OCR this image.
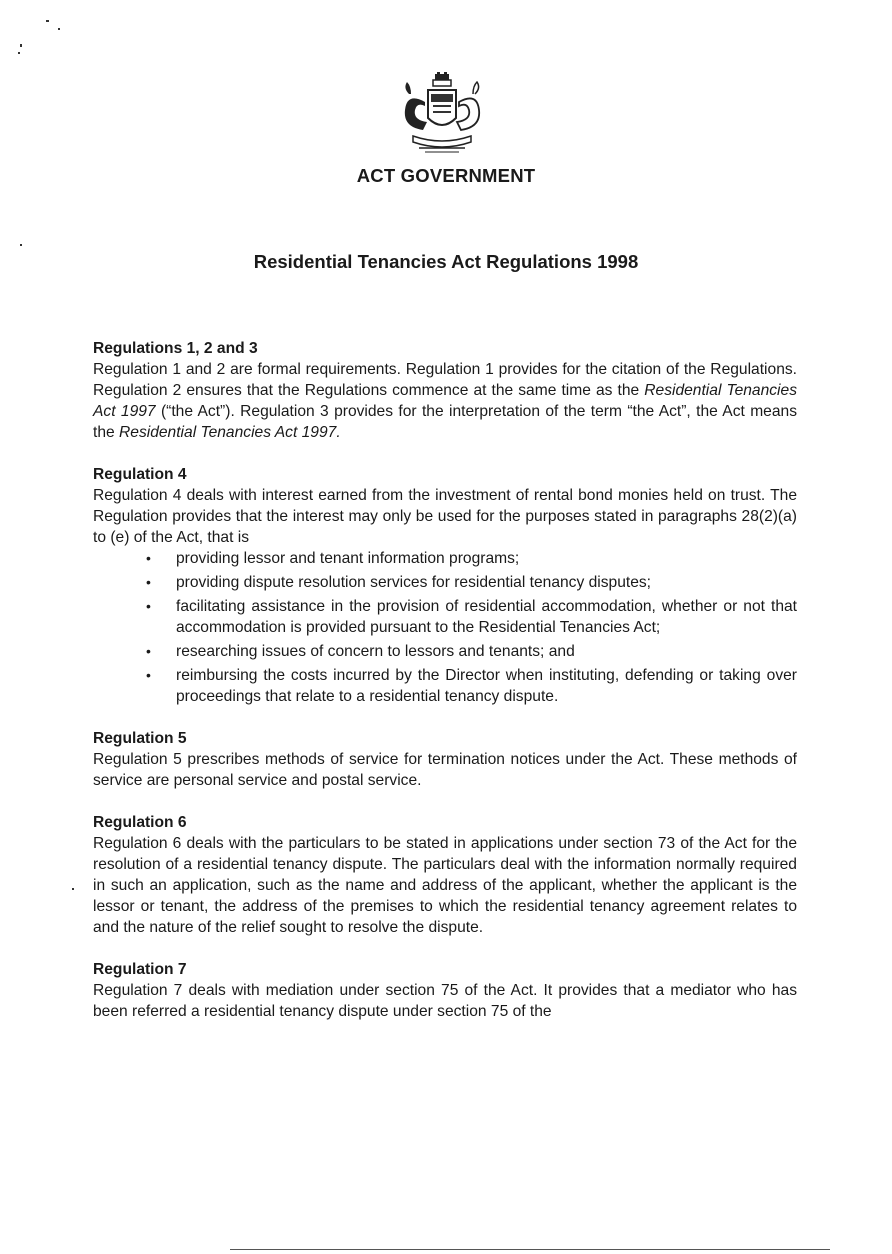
ACT GOVERNMENT
Residential Tenancies Act Regulations 1998
Regulations 1, 2 and 3

Regulation 1 and 2 are formal requirements. Regulation 1 provides for the citation of the Regulations. Regulation 2 ensures that the Regulations commence at the same time as the Residential Tenancies Act 1997 (“the Act”). Regulation 3 provides for the interpretation of the term “the Act”, the Act means the Residential Tenancies Act 1997.

Regulation 4

Regulation 4 deals with interest earned from the investment of rental bond monies held on trust. The Regulation provides that the interest may only be used for the purposes stated in paragraphs 28(2)(a) to (e) of the Act, that is

• providing lessor and tenant information programs;
• providing dispute resolution services for residential tenancy disputes;
• facilitating assistance in the provision of residential accommodation, whether or not that accommodation is provided pursuant to the Residential Tenancies Act;
• researching issues of concern to lessors and tenants; and
• reimbursing the costs incurred by the Director when instituting, defending or taking over proceedings that relate to a residential tenancy dispute.
Regulation 5

Regulation 5 prescribes methods of service for termination notices under the Act. These methods of service are personal service and postal service.

Regulation 6

Regulation 6 deals with the particulars to be stated in applications under section 73 of the Act for the resolution of a residential tenancy dispute. The particulars deal with the information normally required in such an application, such as the name and address of the applicant, whether the applicant is the lessor or tenant, the address of the premises to which the residential tenancy agreement relates to and the nature of the relief sought to resolve the dispute.

Regulation 7

Regulation 7 deals with mediation under section 75 of the Act. It provides that a mediator who has been referred a residential tenancy dispute under section 75 of the
